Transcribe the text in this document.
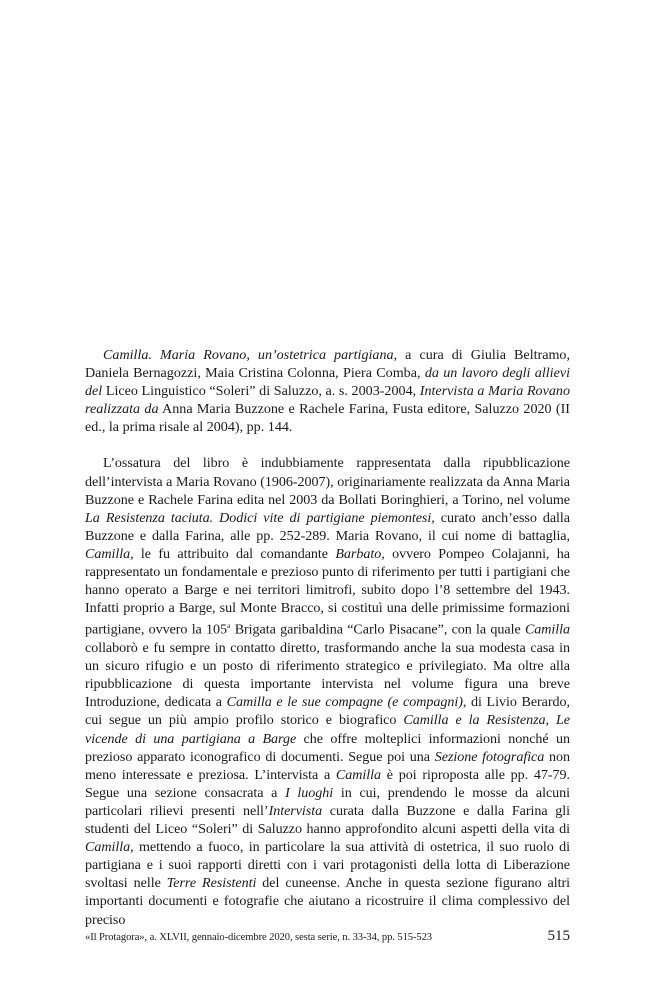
Camilla. Maria Rovano, un’ostetrica partigiana, a cura di Giulia Beltramo, Daniela Bernagozzi, Maia Cristina Colonna, Piera Comba, da un lavoro degli allievi del Liceo Linguistico “Soleri” di Saluzzo, a. s. 2003-2004, Intervista a Maria Rovano realizzata da Anna Maria Buzzone e Rachele Farina, Fusta editore, Saluzzo 2020 (II ed., la prima risale al 2004), pp. 144.

L’ossatura del libro è indubbiamente rappresentata dalla ripubblicazione dell’intervista a Maria Rovano (1906-2007), originariamente realizzata da Anna Maria Buzzone e Rachele Farina edita nel 2003 da Bollati Boringhieri, a Torino, nel volume La Resistenza taciuta. Dodici vite di partigiane piemontesi, curato anch’esso dalla Buzzone e dalla Farina, alle pp. 252-289. Maria Rovano, il cui nome di battaglia, Camilla, le fu attribuito dal comandante Barbato, ovvero Pompeo Colajanni, ha rappresentato un fondamentale e prezioso punto di riferimento per tutti i partigiani che hanno operato a Barge e nei territori limitrofi, subito dopo l’8 settembre del 1943. Infatti proprio a Barge, sul Monte Bracco, si costituì una delle primissime formazioni partigiane, ovvero la 105$^a$ Brigata garibaldina “Carlo Pisacane”, con la quale Camilla collaborò e fu sempre in contatto diretto, trasformando anche la sua modesta casa in un sicuro rifugio e un posto di riferimento strategico e privilegiato. Ma oltre alla ripubblicazione di questa importante intervista nel volume figura una breve Introduzione, dedicata a Camilla e le sue compagne (e compagni), di Livio Berardo, cui segue un più ampio profilo storico e biografico Camilla e la Resistenza, Le vicende di una partigiana a Barge che offre molteplici informazioni nonché un prezioso apparato iconografico di documenti. Segue poi una Sezione fotografica non meno interessate e preziosa. L’intervista a Camilla è poi riproposta alle pp. 47-79. Segue una sezione consacrata a I luoghi in cui, prendendo le mosse da alcuni particolari rilievi presenti nell’Intervista curata dalla Buzzone e dalla Farina gli studenti del Liceo “Soleri” di Saluzzo hanno approfondito alcuni aspetti della vita di Camilla, mettendo a fuoco, in particolare la sua attività di ostetrica, il suo ruolo di partigiana e i suoi rapporti diretti con i vari protagonisti della lotta di Liberazione svoltasi nelle Terre Resistenti del cuneense. Anche in questa sezione figurano altri importanti documenti e fotografie che aiutano a ricostruire il clima complessivo del preciso

«Il Protagora», a. XLVII, gennaio-dicembre 2020, sesta serie, n. 33-34, pp. 515-523	515
